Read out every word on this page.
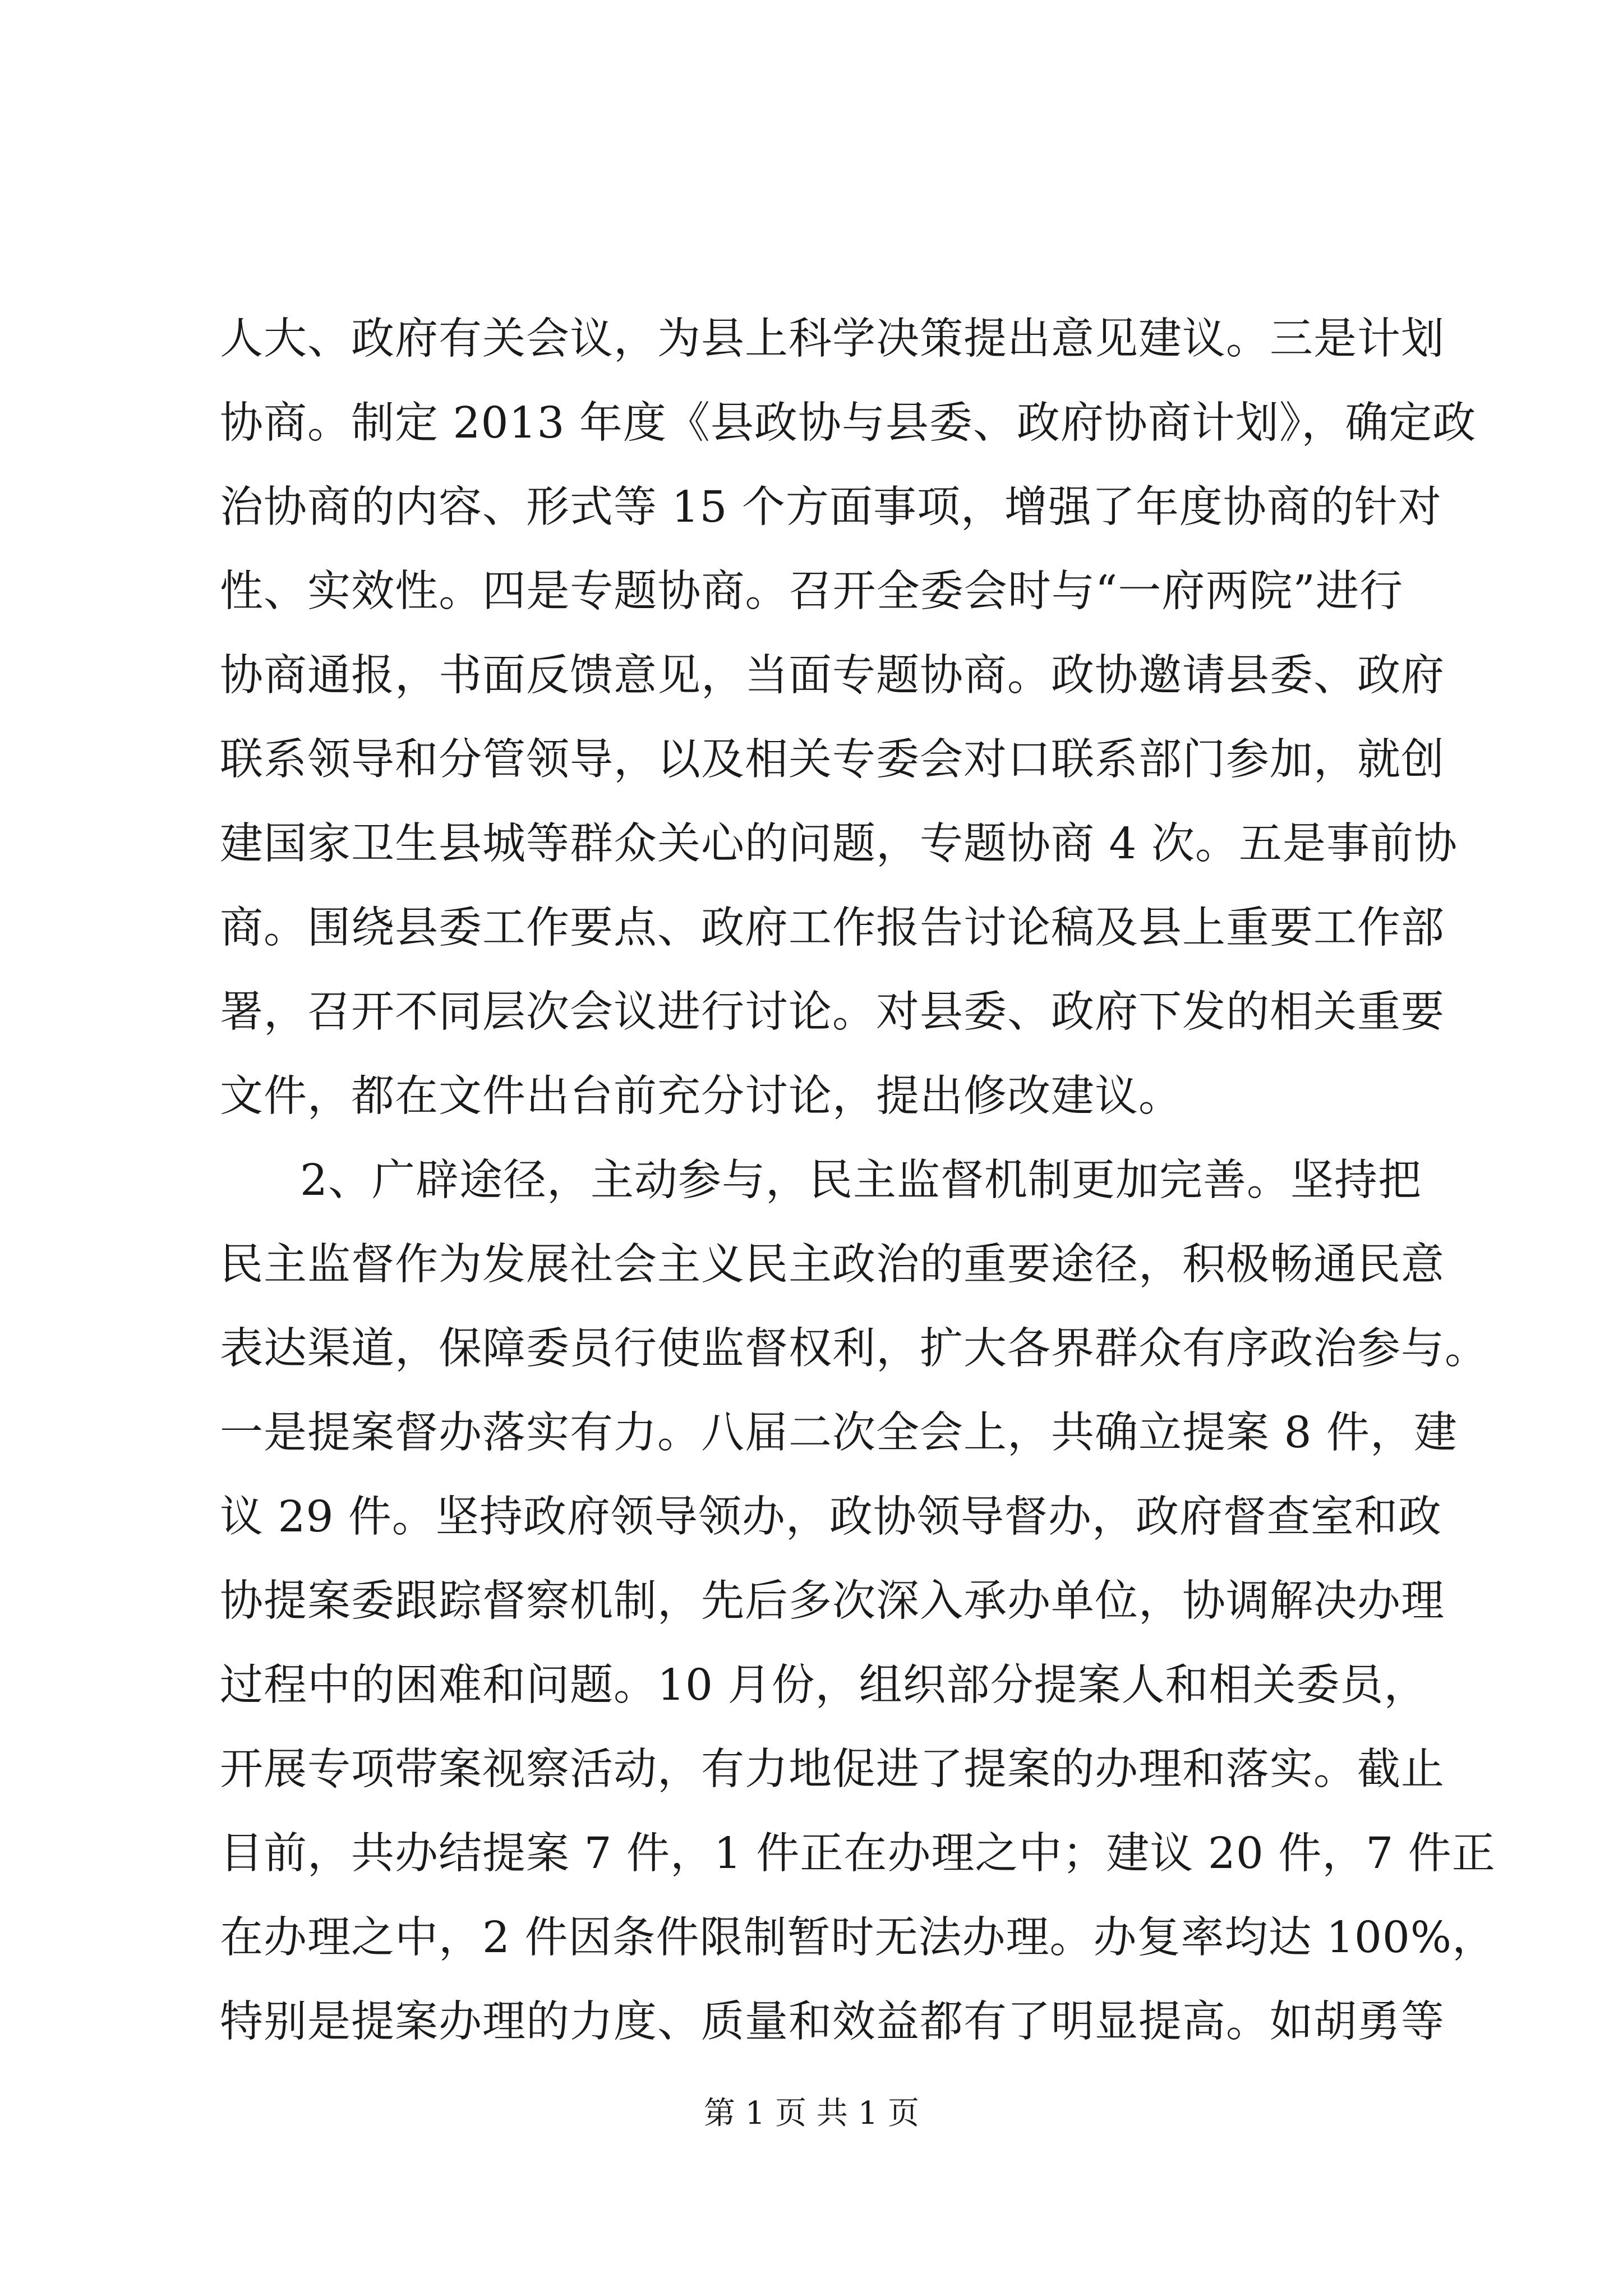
人大、政府有关会议，为县上科学决策提出意见建议。三是计划
协商。制定 2013 年度《县政协与县委、政府协商计划》，确定政
治协商的内容、形式等 15 个方面事项，增强了年度协商的针对
性、实效性。四是专题协商。召开全委会时与“一府两院”进行
协商通报，书面反馈意见，当面专题协商。政协邀请县委、政府
联系领导和分管领导，以及相关专委会对口联系部门参加，就创
建国家卫生县城等群众关心的问题，专题协商 4 次。五是事前协
商。围绕县委工作要点、政府工作报告讨论稿及县上重要工作部
署，召开不同层次会议进行讨论。对县委、政府下发的相关重要
文件，都在文件出台前充分讨论，提出修改建议。
2、广辟途径，主动参与，民主监督机制更加完善。坚持把
民主监督作为发展社会主义民主政治的重要途径，积极畅通民意
表达渠道，保障委员行使监督权利，扩大各界群众有序政治参与。
一是提案督办落实有力。八届二次全会上，共确立提案 8 件，建
议 29 件。坚持政府领导领办，政协领导督办，政府督查室和政
协提案委跟踪督察机制，先后多次深入承办单位，协调解决办理
过程中的困难和问题。10 月份，组织部分提案人和相关委员，
开展专项带案视察活动，有力地促进了提案的办理和落实。截止
目前，共办结提案 7 件，1 件正在办理之中；建议 20 件，7 件正
在办理之中，2 件因条件限制暂时无法办理。办复率均达 100%，
特别是提案办理的力度、质量和效益都有了明显提高。如胡勇等
第 1 页 共 1 页
